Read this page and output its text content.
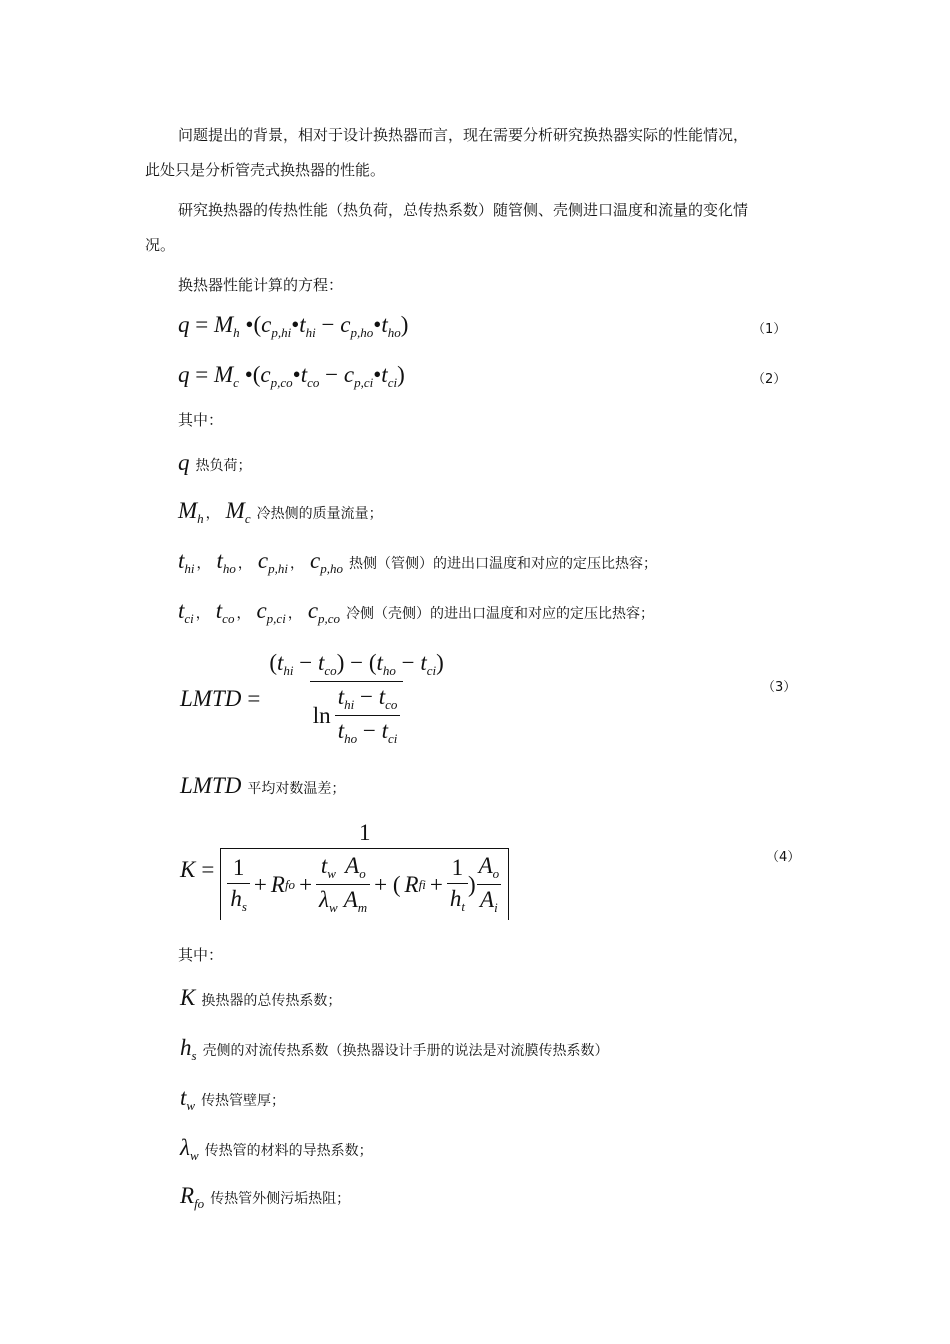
问题提出的背景，相对于设计换热器而言，现在需要分析研究换热器实际的性能情况，
此处只是分析管壳式换热器的性能。
研究换热器的传热性能（热负荷，总传热系数）随管侧、壳侧进口温度和流量的变化情
况。
换热器性能计算的方程：
$q = M_h$ $•(c_{p,hi}•t_{hi}$ − $c_{p,ho}•t_{ho}$)	（1）
$q = M_c$ $•(c_{p,co}•t_{co}$ − $c_{p,ci}•t_{ci}$)	（2）
其中：
q 热负荷；
$M_h$ ， $M_c$ 冷热侧的质量流量；
$t_{hi}$ ， $t_{ho}$ ， $c_{p,hi}$ ， $c_{p,ho}$ 热侧（管侧）的进出口温度和对应的定压比热容；
$t_{ci}$ ， $t_{co}$ ， $c_{p,ci}$ ， $c_{p,co}$ 冷侧（壳侧）的进出口温度和对应的定压比热容；
LMTD = $\frac{(t_{hi} - t_{co}) - (t_{ho} - t_{ci})}{\ln \frac{t_{hi} - t_{co}}{t_{ho} - t_{ci}}}$	（3）
LMTD 平均对数温差；
K =
1
$\frac{1}{h_s} + R$ fo + $\frac{t_w}{\lambda_w} \frac{A_o}{A_m}$ + ( R fi + $\frac{1}{h_t}$ ) $\frac{A_o}{A_i}$	（4）
其中：
K 换热器的总传热系数；
$h_s$ 壳侧的对流传热系数（换热器设计手册的说法是对流膜传热系数）
$t_w$ 传热管壁厚；
$\lambda_w$ 传热管的材料的导热系数；
$R_{fo}$ 传热管外侧污垢热阻；
